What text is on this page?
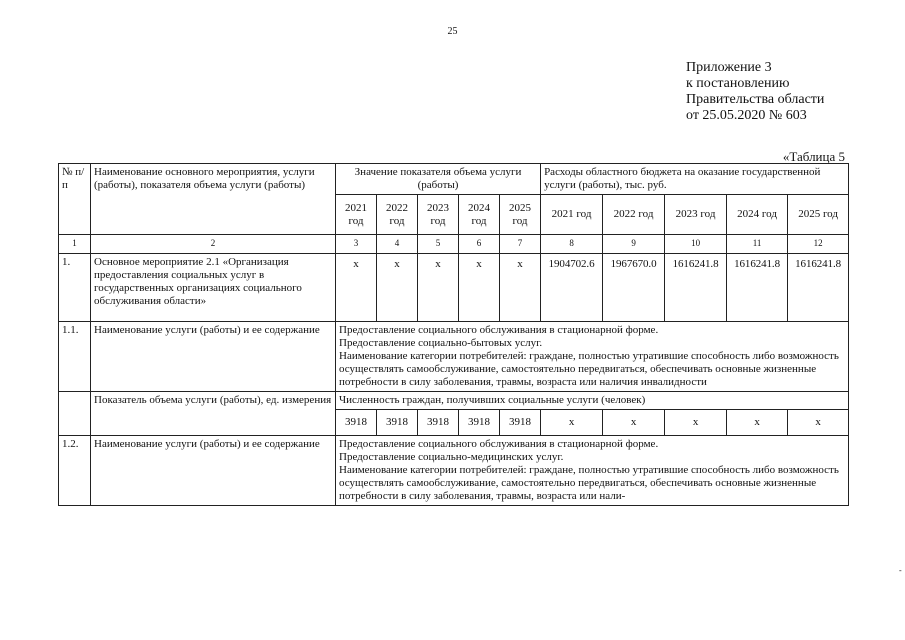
25
Приложение 3
к постановлению
Правительства области
от 25.05.2020 № 603
«Таблица 5
№ п/п	Наименование основного мероприятия, услуги (работы), показателя объема услуги (работы)	Значение показателя объема услуги (работы)					Расходы областного бюджета на оказание государственной услуги (работы), тыс. руб.				
		2021 год	2022 год	2023 год	2024 год	2025 год	2021 год	2022 год	2023 год	2024 год	2025 год
1	2	3	4	5	6	7	8	9	10	11	12
1.	Основное мероприятие 2.1 «Организация предоставления социальных услуг в государственных организациях социального обслуживания области»	х	х	х	х	х	1904702.6	1967670.0	1616241.8	1616241.8	1616241.8
1.1.	Наименование услуги (работы) и ее содержание	Предоставление социального обслуживания в стационарной форме.
Предоставление социально-бытовых услуг.
Наименование категории потребителей: граждане, полностью утратившие способность либо возможность осуществлять самообслуживание, самостоятельно передвигаться, обеспечивать основные жизненные потребности в силу заболевания, травмы, возраста или наличия инвалидности									

	Показатель объема услуги (работы), ед. измерения	Численность граждан, получивших социальные услуги (человек)									
		3918	3918	3918	3918	3918	х	х	х	х	х
1.2.	Наименование услуги (работы) и ее содержание	Предоставление социального обслуживания в стационарной форме.
Предоставление социально-медицинских услуг.
Наименование категории потребителей: граждане, полностью утратившие способность либо возможность осуществлять самообслуживание, самостоятельно передвигаться, обеспечивать основные жизненные потребности в силу заболевания, травмы, возраста или нали-									
-
